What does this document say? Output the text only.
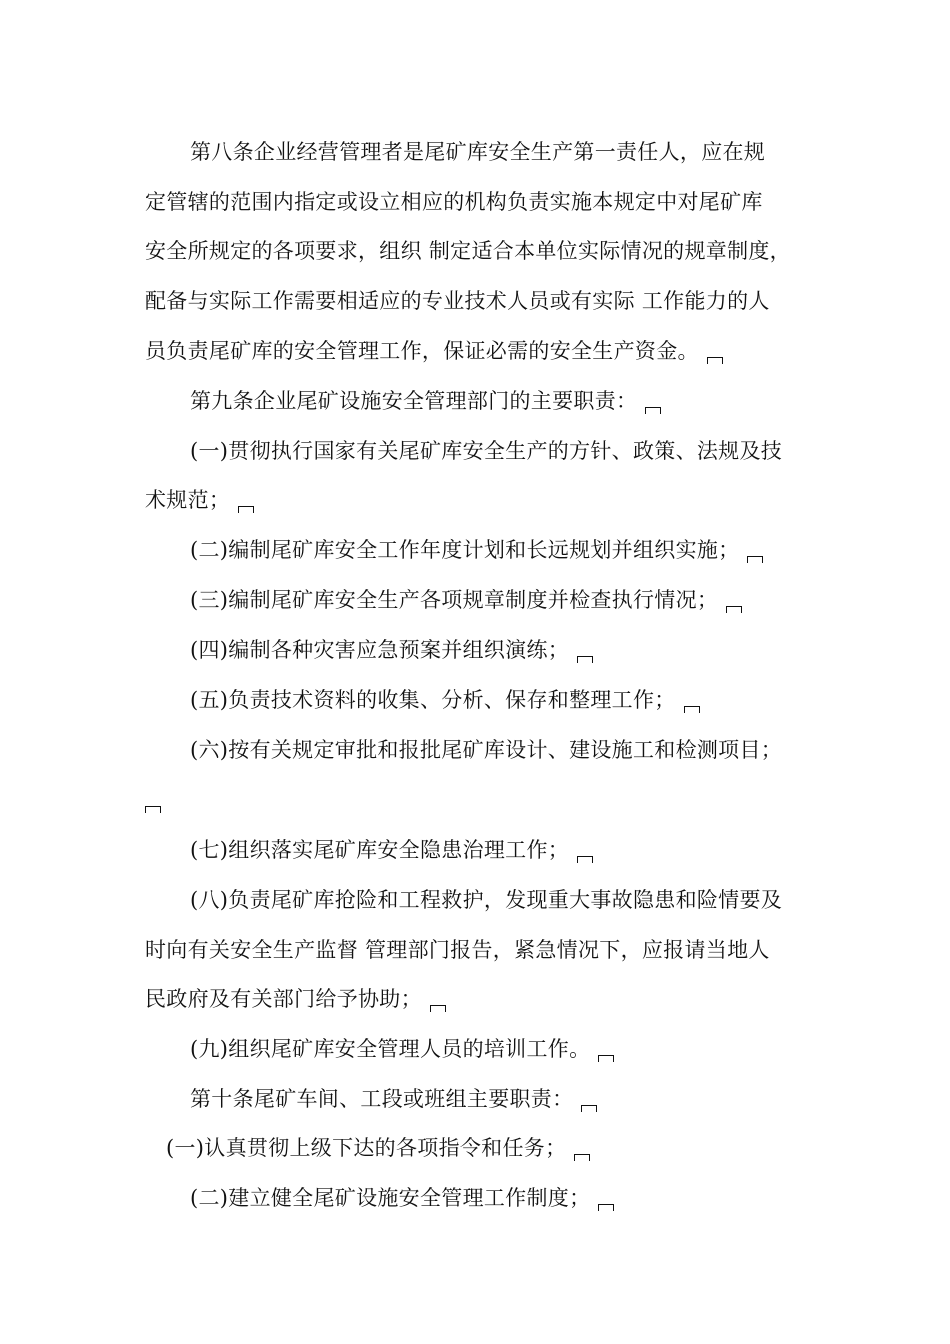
第八条企业经营管理者是尾矿库安全生产第一责任人，应在规
定管辖的范围内指定或设立相应的机构负责实施本规定中对尾矿库
安全所规定的各项要求，组织 制定适合本单位实际情况的规章制度，
配备与实际工作需要相适应的专业技术人员或有实际 工作能力的人
员负责尾矿库的安全管理工作，保证必需的安全生产资金。
第九条企业尾矿设施安全管理部门的主要职责：
(一)贯彻执行国家有关尾矿库安全生产的方针、政策、法规及技
术规范；
(二)编制尾矿库安全工作年度计划和长远规划并组织实施；
(三)编制尾矿库安全生产各项规章制度并检查执行情况；
(四)编制各种灾害应急预案并组织演练；
(五)负责技术资料的收集、分析、保存和整理工作；
(六)按有关规定审批和报批尾矿库设计、建设施工和检测项目；
(七)组织落实尾矿库安全隐患治理工作；
(八)负责尾矿库抢险和工程救护，发现重大事故隐患和险情要及
时向有关安全生产监督 管理部门报告，紧急情况下，应报请当地人
民政府及有关部门给予协助；
(九)组织尾矿库安全管理人员的培训工作。
第十条尾矿车间、工段或班组主要职责：
(一)认真贯彻上级下达的各项指令和任务；
(二)建立健全尾矿设施安全管理工作制度；
